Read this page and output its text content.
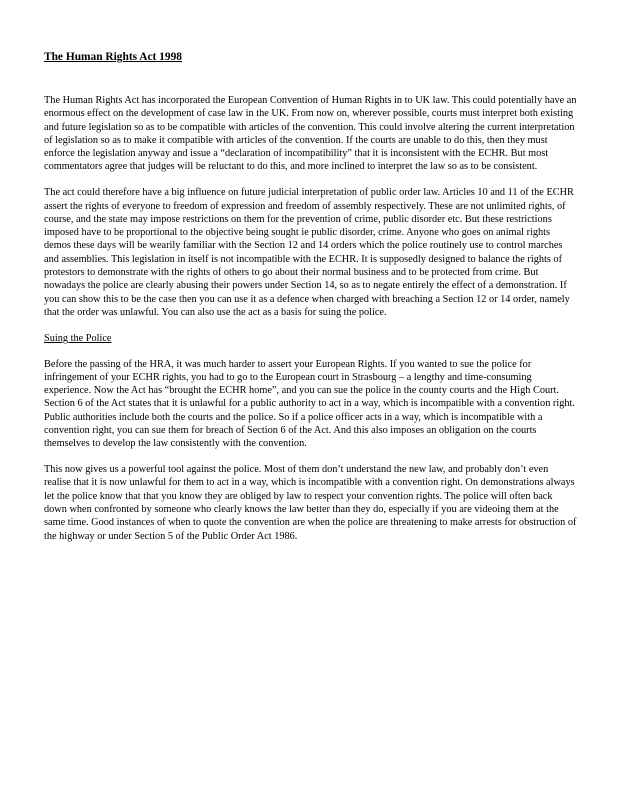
The Human Rights Act 1998

The Human Rights Act has incorporated the European Convention of Human Rights in to UK law. This could potentially have an enormous effect on the development of case law in the UK. From now on, wherever possible, courts must interpret both existing and future legislation so as to be compatible with articles of the convention. This could involve altering the current interpretation of legislation so as to make it compatible with articles of the convention. If the courts are unable to do this, then they must enforce the legislation anyway and issue a “declaration of incompatibility” that it is inconsistent with the ECHR. But most commentators agree that judges will be reluctant to do this, and more inclined to interpret the law so as to be consistent.

The act could therefore have a big influence on future judicial interpretation of public order law. Articles 10 and 11 of the ECHR assert the rights of everyone to freedom of expression and freedom of assembly respectively. These are not unlimited rights, of course, and the state may impose restrictions on them for the prevention of crime, public disorder etc. But these restrictions imposed have to be proportional to the objective being sought ie public disorder, crime. Anyone who goes on animal rights demos these days will be wearily familiar with the Section 12 and 14 orders which the police routinely use to control marches and assemblies. This legislation in itself is not incompatible with the ECHR. It is supposedly designed to balance the rights of protestors to demonstrate with the rights of others to go about their normal business and to be protected from crime. But nowadays the police are clearly abusing their powers under Section 14, so as to negate entirely the effect of a demonstration. If you can show this to be the case then you can use it as a defence when charged with breaching a Section 12 or 14 order, namely that the order was unlawful. You can also use the act as a basis for suing the police.

Suing the Police

Before the passing of the HRA, it was much harder to assert your European Rights. If you wanted to sue the police for infringement of your ECHR rights, you had to go to the European court in Strasbourg – a lengthy and time-consuming experience. Now the Act has “brought the ECHR home”, and you can sue the police in the county courts and the High Court. Section 6 of the Act states that it is unlawful for a public authority to act in a way, which is incompatible with a convention right. Public authorities include both the courts and the police. So if a police officer acts in a way, which is incompatible with a convention right, you can sue them for breach of Section 6 of the Act. And this also imposes an obligation on the courts themselves to develop the law consistently with the convention.

This now gives us a powerful tool against the police. Most of them don’t understand the new law, and probably don’t even realise that it is now unlawful for them to act in a way, which is incompatible with a convention right. On demonstrations always let the police know that that you know they are obliged by law to respect your convention rights. The police will often back down when confronted by someone who clearly knows the law better than they do, especially if you are videoing them at the same time. Good instances of when to quote the convention are when the police are threatening to make arrests for obstruction of the highway or under Section 5 of the Public Order Act 1986.
